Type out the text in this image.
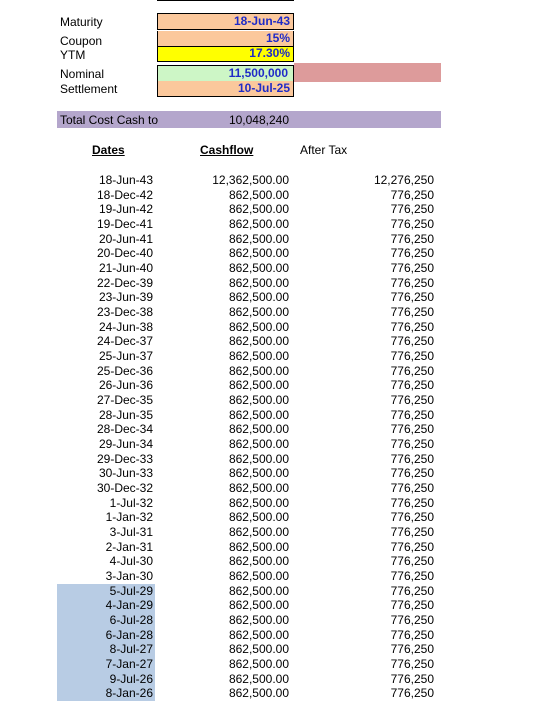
Maturity	18-Jun-43
Coupon	15%
YTM	17.30%
Nominal	11,500,000
Settlement	10-Jul-25
Total Cost Cash to	10,048,240
Dates	Cashflow	After Tax
18-Jun-43	12,362,500.00	12,276,250
18-Dec-42	862,500.00	776,250
19-Jun-42	862,500.00	776,250
19-Dec-41	862,500.00	776,250
20-Jun-41	862,500.00	776,250
20-Dec-40	862,500.00	776,250
21-Jun-40	862,500.00	776,250
22-Dec-39	862,500.00	776,250
23-Jun-39	862,500.00	776,250
23-Dec-38	862,500.00	776,250
24-Jun-38	862,500.00	776,250
24-Dec-37	862,500.00	776,250
25-Jun-37	862,500.00	776,250
25-Dec-36	862,500.00	776,250
26-Jun-36	862,500.00	776,250
27-Dec-35	862,500.00	776,250
28-Jun-35	862,500.00	776,250
28-Dec-34	862,500.00	776,250
29-Jun-34	862,500.00	776,250
29-Dec-33	862,500.00	776,250
30-Jun-33	862,500.00	776,250
30-Dec-32	862,500.00	776,250
1-Jul-32	862,500.00	776,250
1-Jan-32	862,500.00	776,250
3-Jul-31	862,500.00	776,250
2-Jan-31	862,500.00	776,250
4-Jul-30	862,500.00	776,250
3-Jan-30	862,500.00	776,250
5-Jul-29	862,500.00	776,250
4-Jan-29	862,500.00	776,250
6-Jul-28	862,500.00	776,250
6-Jan-28	862,500.00	776,250
8-Jul-27	862,500.00	776,250
7-Jan-27	862,500.00	776,250
9-Jul-26	862,500.00	776,250
8-Jan-26	862,500.00	776,250
